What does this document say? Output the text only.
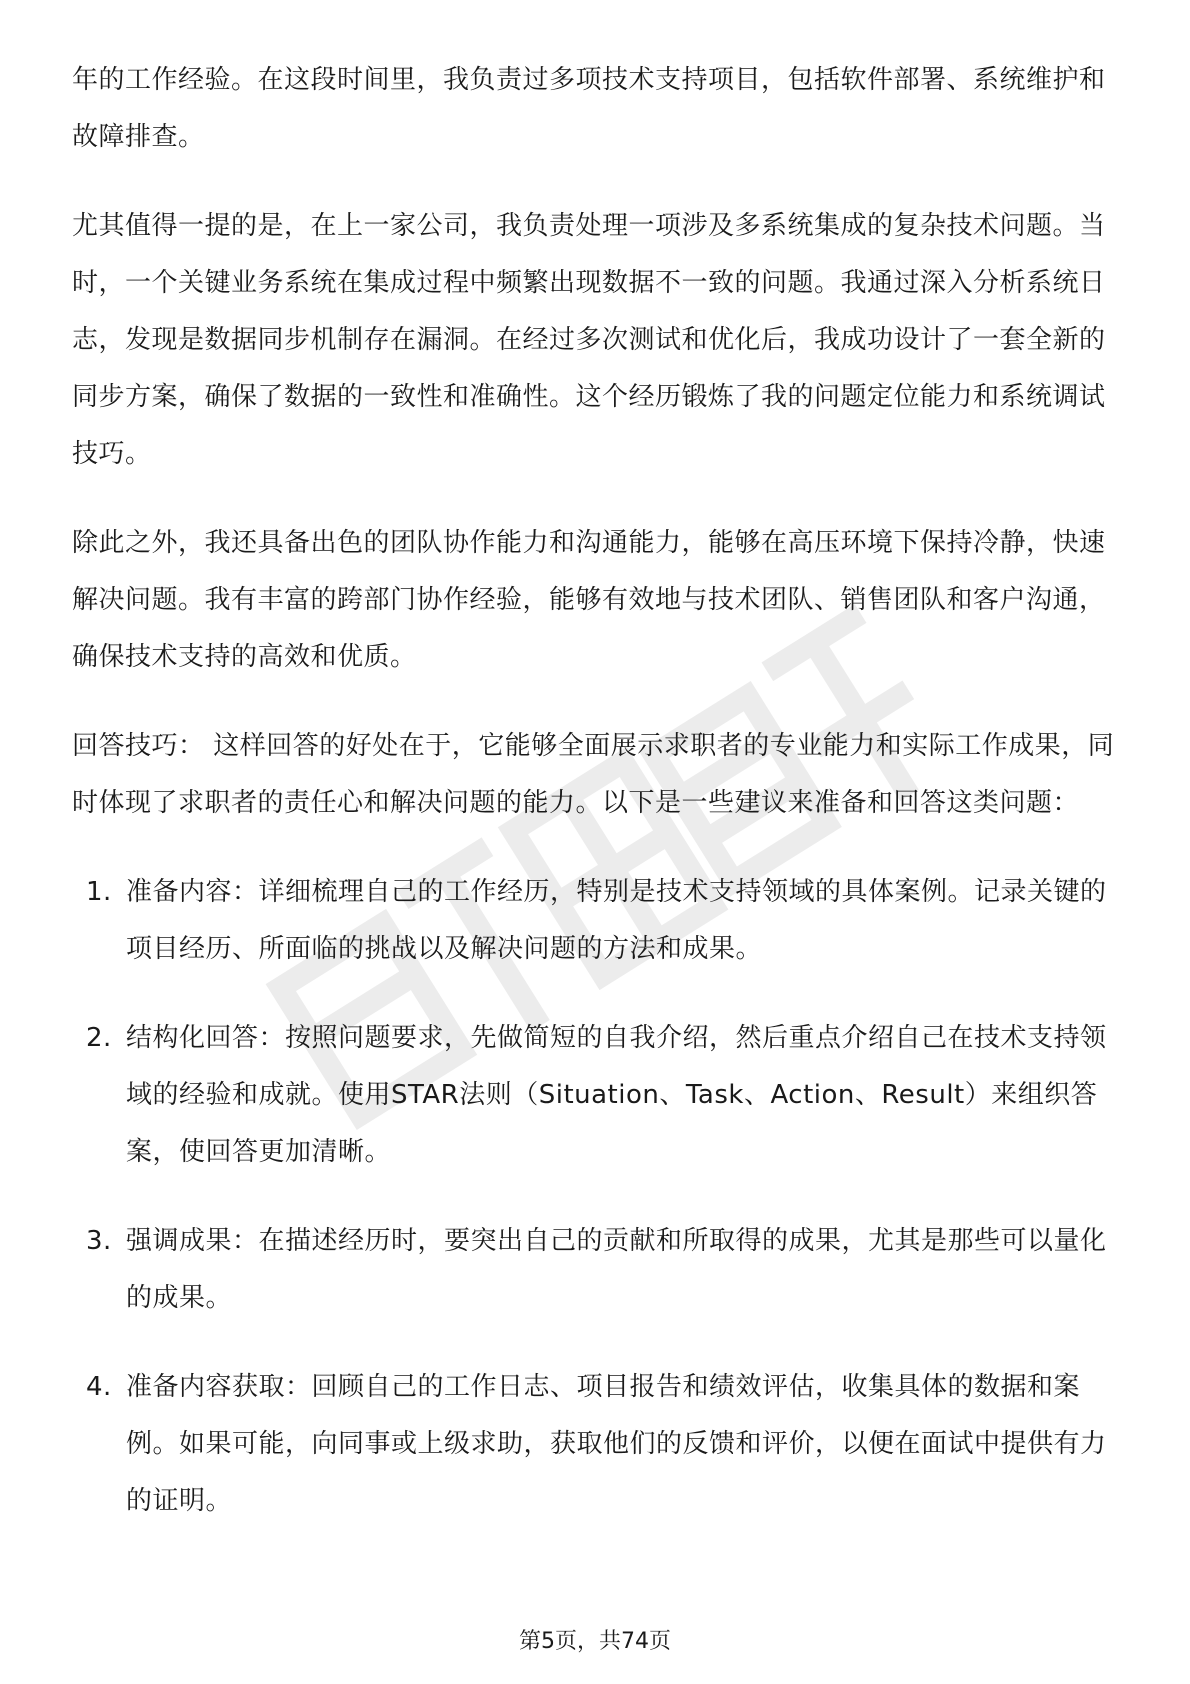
年的工作经验。在这段时间里，我负责过多项技术支持项目，包括软件部署、系统维护和故障排查。

尤其值得一提的是，在上一家公司，我负责处理一项涉及多系统集成的复杂技术问题。当时，一个关键业务系统在集成过程中频繁出现数据不一致的问题。我通过深入分析系统日志，发现是数据同步机制存在漏洞。在经过多次测试和优化后，我成功设计了一套全新的同步方案，确保了数据的一致性和准确性。这个经历锻炼了我的问题定位能力和系统调试技巧。

除此之外，我还具备出色的团队协作能力和沟通能力，能够在高压环境下保持冷静，快速解决问题。我有丰富的跨部门协作经验，能够有效地与技术团队、销售团队和客户沟通，确保技术支持的高效和优质。

回答技巧： 这样回答的好处在于，它能够全面展示求职者的专业能力和实际工作成果，同时体现了求职者的责任心和解决问题的能力。以下是一些建议来准备和回答这类问题：

1. 准备内容：详细梳理自己的工作经历，特别是技术支持领域的具体案例。记录关键的项目经历、所面临的挑战以及解决问题的方法和成果。
2. 结构化回答：按照问题要求，先做简短的自我介绍，然后重点介绍自己在技术支持领域的经验和成就。使用STAR法则（Situation、Task、Action、Result）来组织答案，使回答更加清晰。
3. 强调成果：在描述经历时，要突出自己的贡献和所取得的成果，尤其是那些可以量化的成果。
4. 准备内容获取：回顾自己的工作日志、项目报告和绩效评估，收集具体的数据和案例。如果可能，向同事或上级求助，获取他们的反馈和评价，以便在面试中提供有力的证明。
第5页，共74页
